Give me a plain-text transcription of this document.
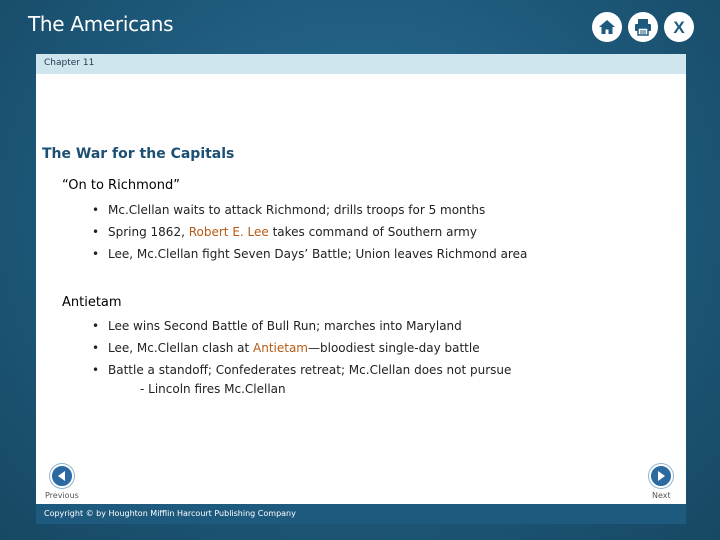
The Americans	X
Chapter 11
The War for the Capitals
“On to Richmond”
• Mc.Clellan waits to attack Richmond; drills troops for 5 months
• Spring 1862, Robert E. Lee takes command of Southern army
• Lee, Mc.Clellan fight Seven Days’ Battle; Union leaves Richmond area
Antietam
• Lee wins Second Battle of Bull Run; marches into Maryland
• Lee, Mc.Clellan clash at Antietam—bloodiest single-day battle
• Battle a standoff; Confederates retreat; Mc.Clellan does not pursue
- Lincoln fires Mc.Clellan
Previous	Next
Copyright © by Houghton Mifflin Harcourt Publishing Company
